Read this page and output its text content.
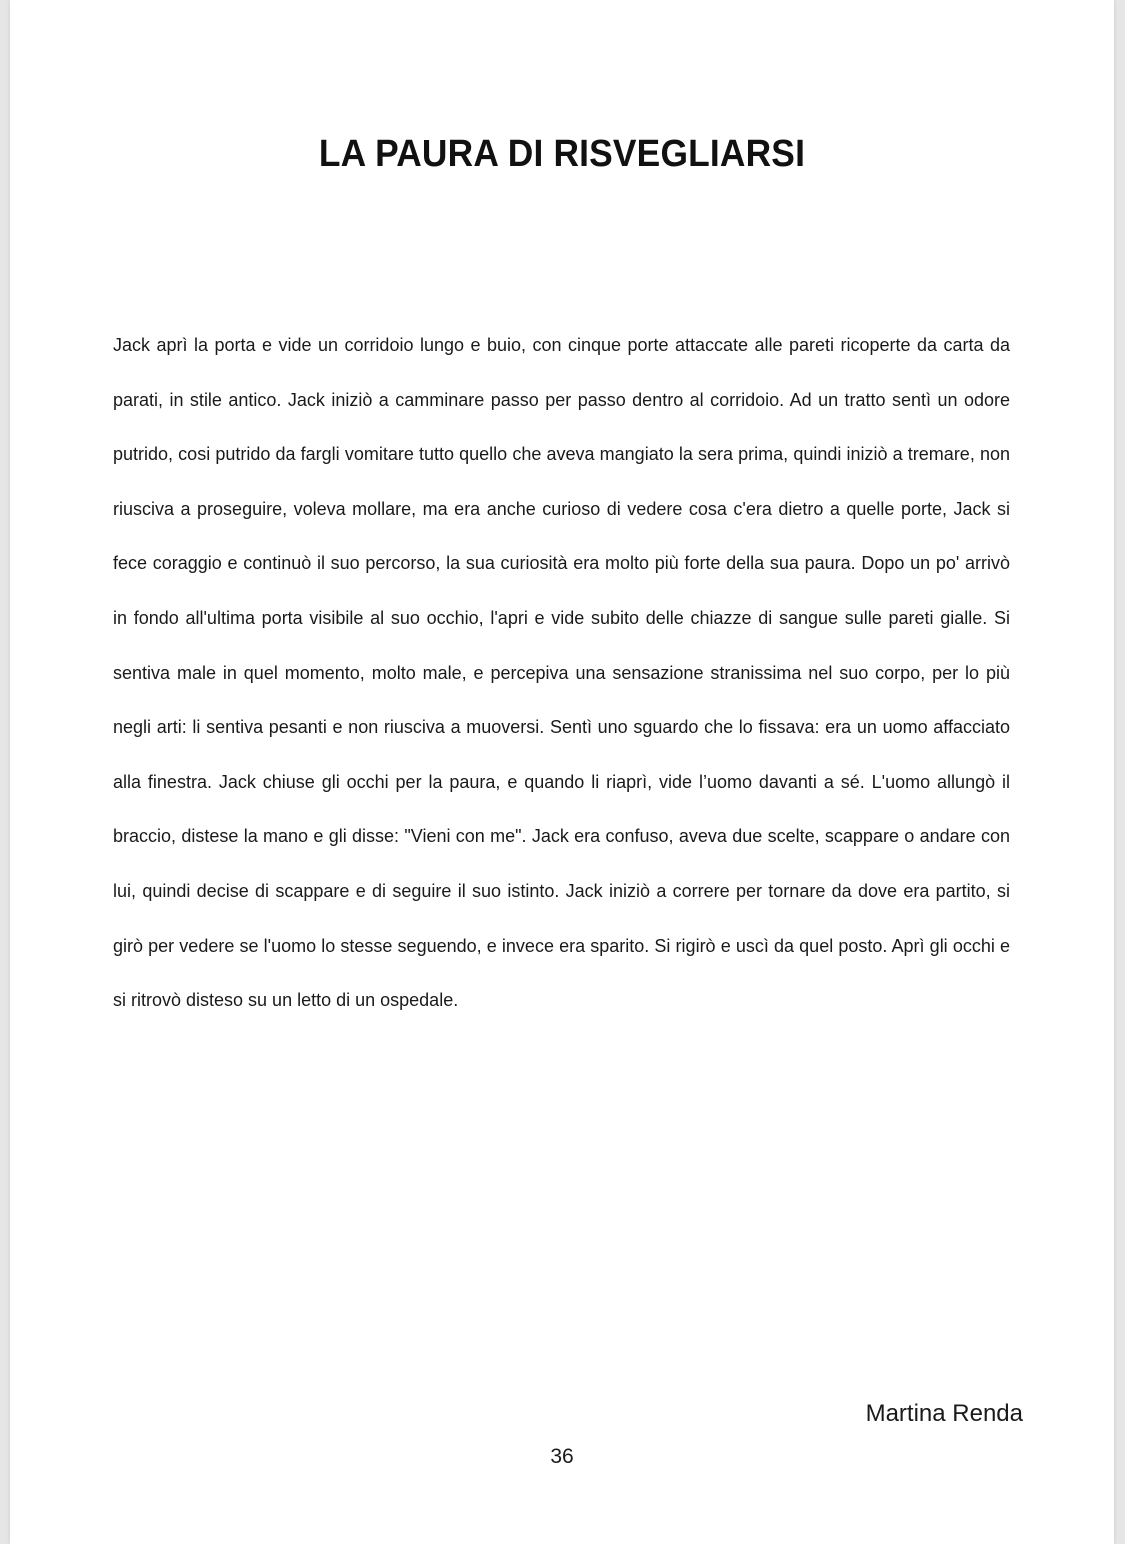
LA PAURA DI RISVEGLIARSI

Jack aprì la porta e vide un corridoio lungo e buio, con cinque porte attaccate alle pareti ricoperte da carta da parati, in stile antico. Jack iniziò a camminare passo per passo dentro al corridoio. Ad un tratto sentì un odore putrido, cosi putrido da fargli vomitare tutto quello che aveva mangiato la sera prima, quindi iniziò a tremare, non riusciva a proseguire, voleva mollare, ma era anche curioso di vedere cosa c'era dietro a quelle porte, Jack si fece coraggio e continuò il suo percorso, la sua curiosità era molto più forte della sua paura. Dopo un po' arrivò in fondo all'ultima porta visibile al suo occhio, l'apri e vide subito delle chiazze di sangue sulle pareti gialle. Si sentiva male in quel momento, molto male, e percepiva una sensazione stranissima nel suo corpo, per lo più negli arti: li sentiva pesanti e non riusciva a muoversi. Sentì uno sguardo che lo fissava: era un uomo affacciato alla finestra. Jack chiuse gli occhi per la paura, e quando li riaprì, vide l’uomo davanti a sé. L'uomo allungò il braccio, distese la mano e gli disse: "Vieni con me". Jack era confuso, aveva due scelte, scappare o andare con lui, quindi decise di scappare e di seguire il suo istinto. Jack iniziò a correre per tornare da dove era partito, si girò per vedere se l'uomo lo stesse seguendo, e invece era sparito. Si rigirò e uscì da quel posto. Aprì gli occhi e si ritrovò disteso su un letto di un ospedale.

Martina Renda

36
